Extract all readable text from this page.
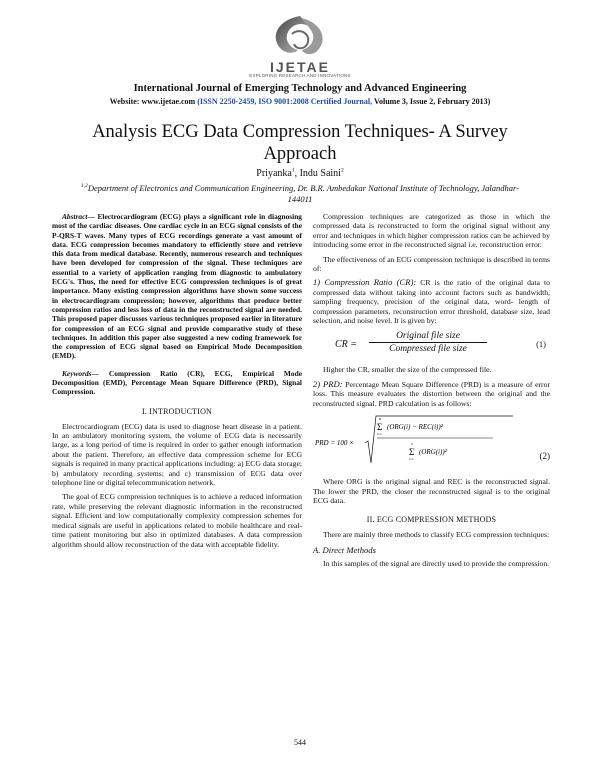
IJETAE
EXPLORING RESEARCH AND INNOVATIONS
International Journal of Emerging Technology and Advanced Engineering
Website: www.ijetae.com (ISSN 2250-2459, ISO 9001:2008 Certified Journal, Volume 3, Issue 2, February 2013)
Analysis ECG Data Compression Techniques- A Survey Approach
Priyanka$^1$, Indu Saini$^2$
$^{1,2}$Department of Electronics and Communication Engineering, Dr. B.R. Ambedakar National Institute of Technology, Jalandhar-144011

Abstract— Electrocardiogram (ECG) plays a significant role in diagnosing most of the cardiac diseases. One cardiac cycle in an ECG signal consists of the P-QRS-T waves. Many types of ECG recordings generate a vast amount of data. ECG compression becomes mandatory to efficiently store and retrieve this data from medical database. Recently, numerous research and techniques have been developed for compression of the signal. These techniques are essential to a variety of application ranging from diagnostic to ambulatory ECG's. Thus, the need for effective ECG compression techniques is of great importance. Many existing compression algorithms have shown some success in electrocardiogram compression; however, algorithms that produce better compression ratios and less loss of data in the reconstructed signal are needed. This proposed paper discusses various techniques proposed earlier in literature for compression of an ECG signal and provide comparative study of these techniques. In addition this paper also suggested a new coding framework for the compression of ECG signal based on Empirical Mode Decomposition (EMD).

Keywords— Compression Ratio (CR), ECG, Empirical Mode Decomposition (EMD), Percentage Mean Square Difference (PRD), Signal Compression.

I. INTRODUCTION

Electrocardiogram (ECG) data is used to diagnose heart disease in a patient. In an ambulatory monitoring system, the volume of ECG data is necessarily large, as a long period of time is required in order to gather enough information about the patient. Therefore, an effective data compression scheme for ECG signals is required in many practical applications including: a) ECG data storage; b) ambulatory recording systems; and c) transmission of ECG data over telephone line or digital telecommunication network.

The goal of ECG compression techniques is to achieve a reduced information rate, while preserving the relevant diagnostic information in the reconstructed signal. Efficient and low computationally complexity compression schemes for medical signals are useful in applications related to mobile healthcare and real-time patient monitoring but also in optimized databases. A data compression algorithm should allow reconstruction of the data with acceptable fidelity.

Compression techniques are categorized as those in which the compressed data is reconstructed to form the original signal without any error and techniques in which higher compression ratios can be achieved by introducing some error in the reconstructed signal i.e. reconstruction error.

The effectiveness of an ECG compression technique is described in terms of:

1) Compression Ratio (CR): CR is the ratio of the original data to compressed data without taking into account factors such as bandwidth, sampling frequency, precision of the original data, word- length of compression parameters, reconstruction error threshold, database size, lead selection, and noise level. It is given by:

CR =
Original file size
Compressed file size	(1)

Higher the CR, smaller the size of the compressed file.

2) PRD: Percentage Mean Square Difference (PRD) is a measure of error loss. This measure evaluates the distortion between the original and the reconstructed signal. PRD calculation is as follows:

PRD = 100 ×
n
Σ
i=1
(ORG(i) − REC(i))²
n
Σ
i=1
(ORG(i))²	(2)

Where ORG is the original signal and REC is the reconstructed signal. The lower the PRD, the closer the reconstructed signal is to the original ECG data.

II. ECG COMPRESSION METHODS

There are mainly three methods to classify ECG compression techniques:

A. Direct Methods

In this samples of the signal are directly used to provide the compression.

544
